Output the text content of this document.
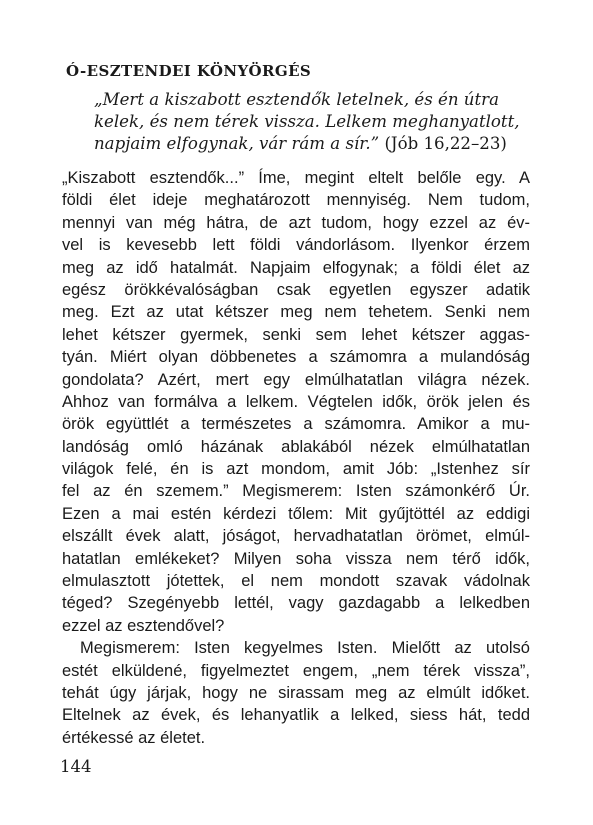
Ó-ESZTENDEI KÖNYÖRGÉS
„Mert a kiszabott esztendők letelnek, és én útra
kelek, és nem térek vissza. Lelkem meghanyatlott,
napjaim elfogynak, vár rám a sír.” (Jób 16,22–23)
„Kiszabott esztendők...” Íme, megint eltelt belőle egy. A
földi élet ideje meghatározott mennyiség. Nem tudom,
mennyi van még hátra, de azt tudom, hogy ezzel az év-
vel is kevesebb lett földi vándorlásom. Ilyenkor érzem
meg az idő hatalmát. Napjaim elfogynak; a földi élet az
egész örökkévalóságban csak egyetlen egyszer adatik
meg. Ezt az utat kétszer meg nem tehetem. Senki nem
lehet kétszer gyermek, senki sem lehet kétszer aggas-
tyán. Miért olyan döbbenetes a számomra a mulandóság
gondolata? Azért, mert egy elmúlhatatlan világra nézek.
Ahhoz van formálva a lelkem. Végtelen idők, örök jelen és
örök együttlét a természetes a számomra. Amikor a mu-
landóság omló házának ablakából nézek elmúlhatatlan
világok felé, én is azt mondom, amit Jób: „Istenhez sír
fel az én szemem.” Megismerem: Isten számonkérő Úr.
Ezen a mai estén kérdezi tőlem: Mit gyűjtöttél az eddigi
elszállt évek alatt, jóságot, hervadhatatlan örömet, elmúl-
hatatlan emlékeket? Milyen soha vissza nem térő idők,
elmulasztott jótettek, el nem mondott szavak vádolnak
téged? Szegényebb lettél, vagy gazdagabb a lelkedben
ezzel az esztendővel?
Megismerem: Isten kegyelmes Isten. Mielőtt az utolsó
estét elküldené, figyelmeztet engem, „nem térek vissza”,
tehát úgy járjak, hogy ne sirassam meg az elmúlt időket.
Eltelnek az évek, és lehanyatlik a lelked, siess hát, tedd
értékessé az életet.
144
